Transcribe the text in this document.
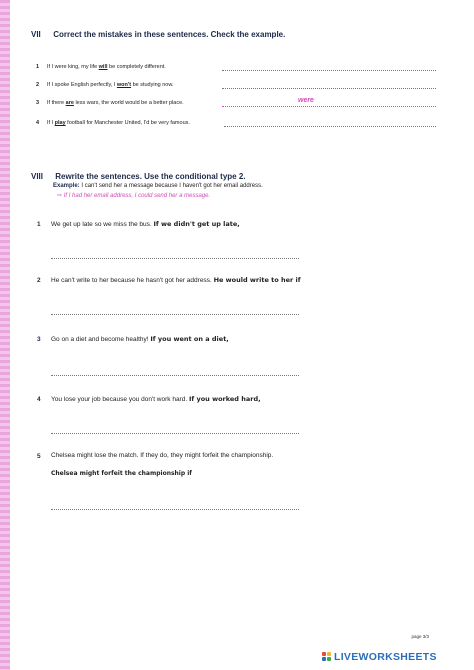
VII Correct the mistakes in these sentences. Check the example.
1 If I were king, my life will be completely different.
2 If I spoke English perfectly, I won't be studying now.
3 If there are less wars, the world would be a better place.	were
4 If I play football for Manchester United, I'd be very famous.
VIII Rewrite the sentences. Use the conditional type 2.
Example: I can't send her a message because I haven't got her email address.
⇨ If I had her email address, I could send her a message.
1 We get up late so we miss the bus. If we didn't get up late,
2 He can't write to her because he hasn't got her address. He would write to her if
3 Go on a diet and become healthy! If you went on a diet,
4 You lose your job because you don't work hard. If you worked hard,
5 Chelsea might lose the match. If they do, they might forfeit the championship.
Chelsea might forfeit the championship if
page 3/3
LIVEWORKSHEETS
